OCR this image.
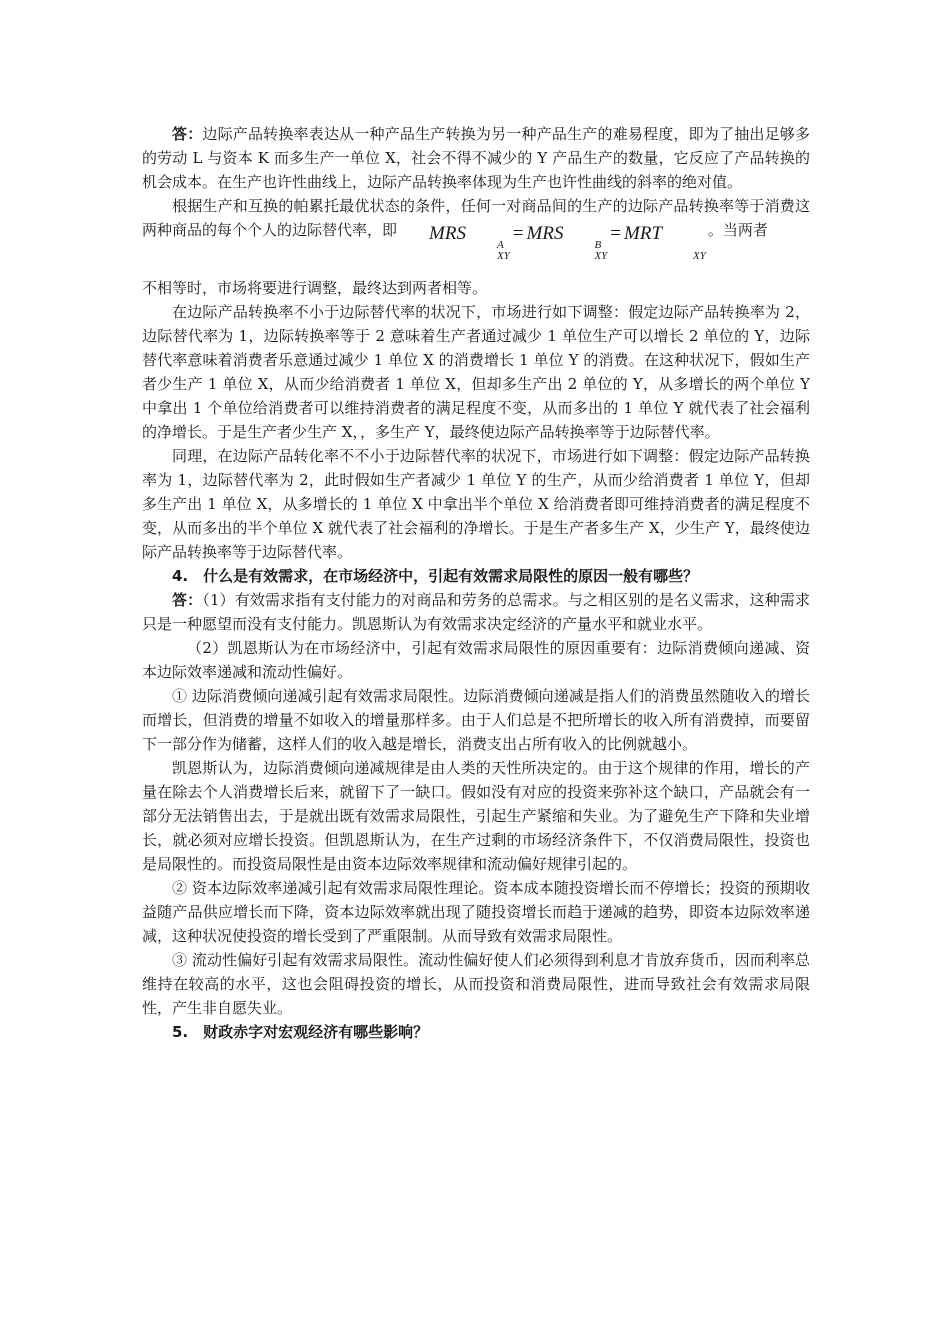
答：边际产品转换率表达从一种产品生产转换为另一种产品生产的难易程度，即为了抽出足够多的劳动 L 与资本 K 而多生产一单位 X，社会不得不减少的 Y 产品生产的数量，它反应了产品转换的机会成本。在生产也许性曲线上，边际产品转换率体现为生产也许性曲线的斜率的绝对值。

根据生产和互换的帕累托最优状态的条件，任何一对商品间的生产的边际产品转换率等于消费这两种商品的每个个人的边际替代率，即 MRS
A
XY
= MRS
B
XY
= MRT

XY
。当两者

不相等时，市场将要进行调整，最终达到两者相等。

在边际产品转换率不小于边际替代率的状况下，市场进行如下调整：假定边际产品转换率为 2，边际替代率为 1，边际转换率等于 2 意味着生产者通过减少 1 单位生产可以增长 2 单位的 Y，边际替代率意味着消费者乐意通过减少 1 单位 X 的消费增长 1 单位 Y 的消费。在这种状况下，假如生产者少生产 1 单位 X，从而少给消费者 1 单位 X，但却多生产出 2 单位的 Y，从多增长的两个单位 Y 中拿出 1 个单位给消费者可以维持消费者的满足程度不变，从而多出的 1 单位 Y 就代表了社会福利的净增长。于是生产者少生产 X，，多生产 Y，最终使边际产品转换率等于边际替代率。

同理，在边际产品转化率不不小于边际替代率的状况下，市场进行如下调整：假定边际产品转换率为 1，边际替代率为 2，此时假如生产者减少 1 单位 Y 的生产，从而少给消费者 1 单位 Y，但却多生产出 1 单位 X，从多增长的 1 单位 X 中拿出半个单位 X 给消费者即可维持消费者的满足程度不变，从而多出的半个单位 X 就代表了社会福利的净增长。于是生产者多生产 X，少生产 Y，最终使边际产品转换率等于边际替代率。

4.　什么是有效需求，在市场经济中，引起有效需求局限性的原因一般有哪些？

答：（1）有效需求指有支付能力的对商品和劳务的总需求。与之相区别的是名义需求，这种需求只是一种愿望而没有支付能力。凯恩斯认为有效需求决定经济的产量水平和就业水平。

（2）凯恩斯认为在市场经济中，引起有效需求局限性的原因重要有：边际消费倾向递减、资本边际效率递减和流动性偏好。

① 边际消费倾向递减引起有效需求局限性。边际消费倾向递减是指人们的消费虽然随收入的增长而增长，但消费的增量不如收入的增量那样多。由于人们总是不把所增长的收入所有消费掉，而要留下一部分作为储蓄，这样人们的收入越是增长，消费支出占所有收入的比例就越小。

凯恩斯认为，边际消费倾向递减规律是由人类的天性所决定的。由于这个规律的作用，增长的产量在除去个人消费增长后来，就留下了一缺口。假如没有对应的投资来弥补这个缺口，产品就会有一部分无法销售出去，于是就出既有效需求局限性，引起生产紧缩和失业。为了避免生产下降和失业增长，就必须对应增长投资。但凯恩斯认为，在生产过剩的市场经济条件下，不仅消费局限性，投资也是局限性的。而投资局限性是由资本边际效率规律和流动偏好规律引起的。

② 资本边际效率递减引起有效需求局限性理论。资本成本随投资增长而不停增长；投资的预期收益随产品供应增长而下降，资本边际效率就出现了随投资增长而趋于递减的趋势，即资本边际效率递减，这种状况使投资的增长受到了严重限制。从而导致有效需求局限性。

③ 流动性偏好引起有效需求局限性。流动性偏好使人们必须得到利息才肯放弃货币，因而利率总维持在较高的水平，这也会阻碍投资的增长，从而投资和消费局限性，进而导致社会有效需求局限性，产生非自愿失业。

5.　财政赤字对宏观经济有哪些影响？
